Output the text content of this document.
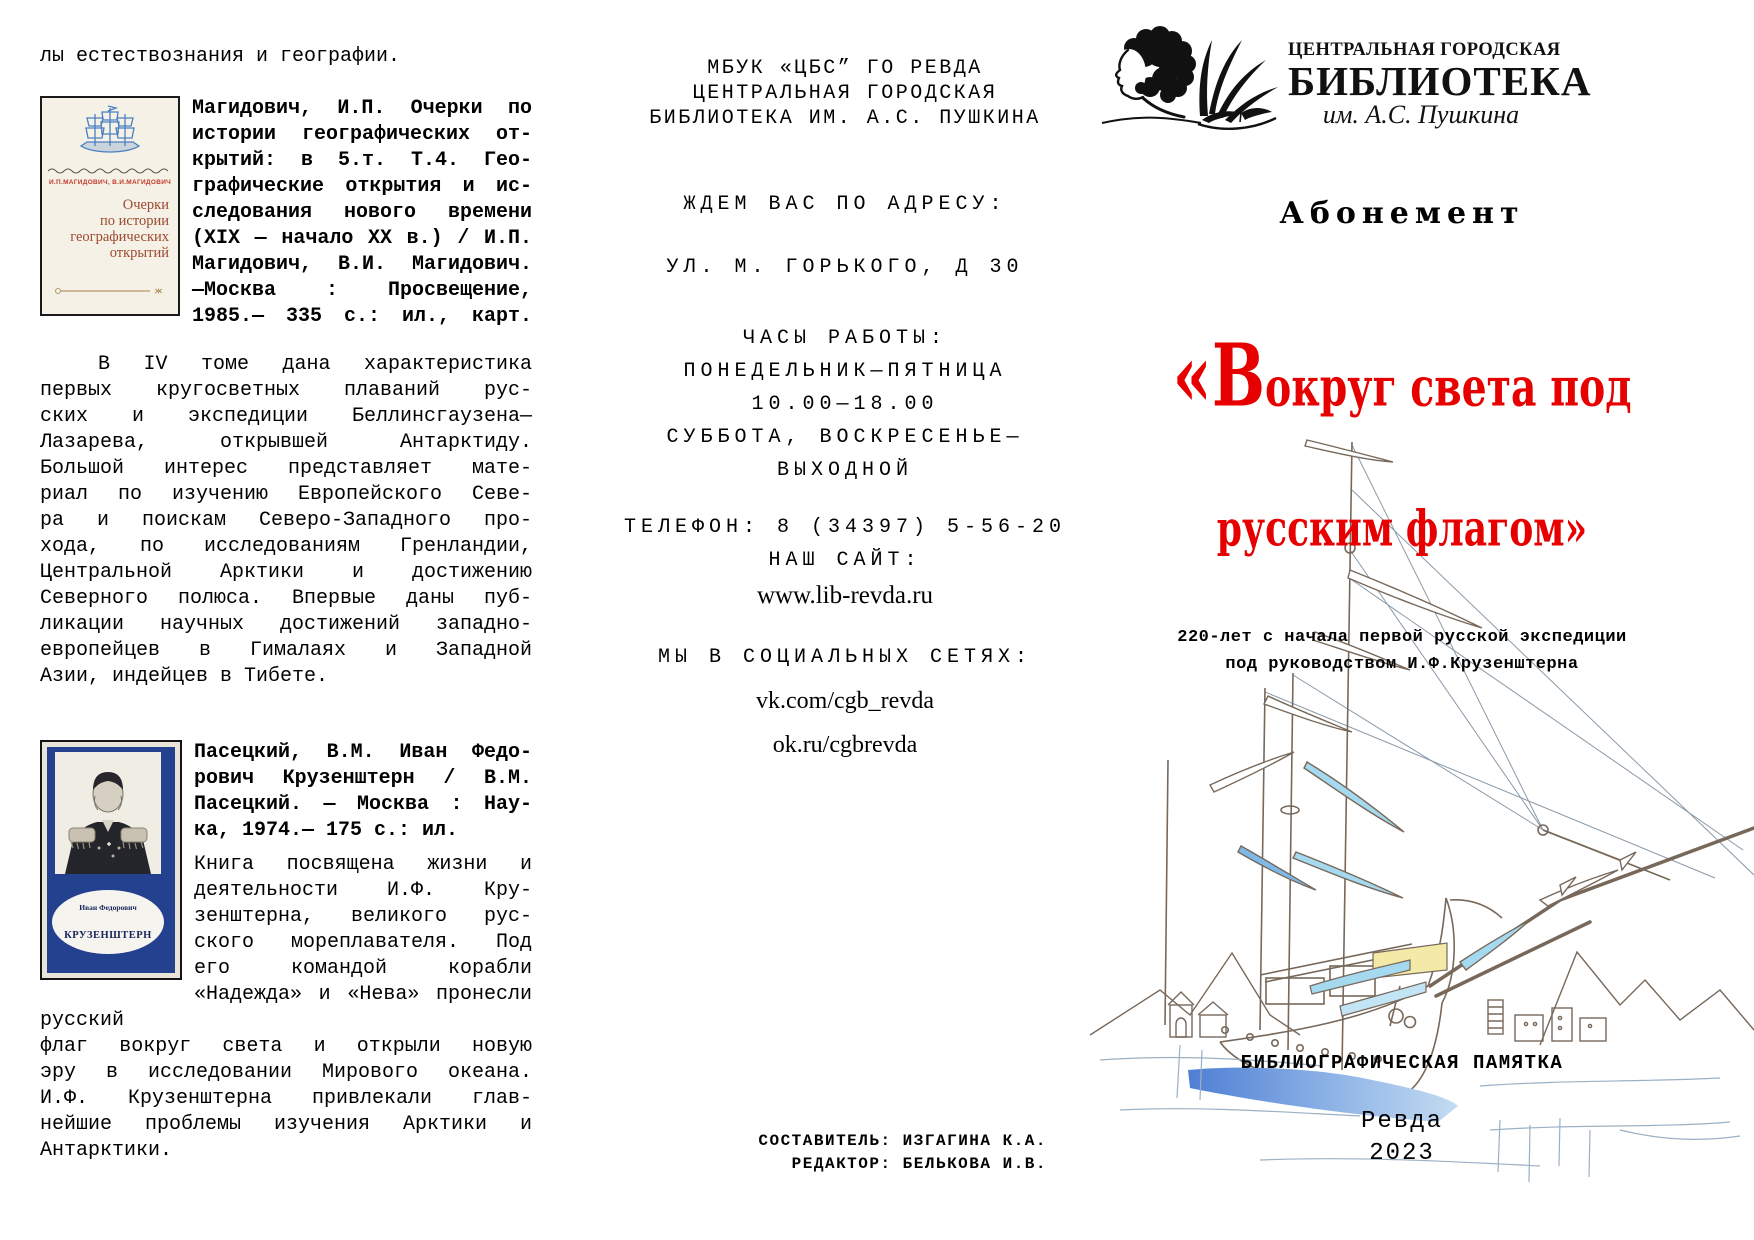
лы естествознания и географии.
И.П.МАГИДОВИЧ, В.И.МАГИДОВИЧ
Очерки
по истории
географических
открытий
Магидович, И.П. Очерки по
истории географических от-
крытий: в 5.т. Т.4. Гео-
графические открытия и ис-
следования нового времени
(XIX — начало XX в.) / И.П.
Магидович, В.И. Магидович.
—Москва : Просвещение,
1985.— 335 с.: ил., карт.
В IV томе дана характеристика
первых кругосветных плаваний рус-
ских и экспедиции Беллинсгаузена—
Лазарева, открывшей Антарктиду.
Большой интерес представляет мате-
риал по изучению Европейского Севе-
ра и поискам Северо-Западного про-
хода, по исследованиям Гренландии,
Центральной Арктики и достижению
Северного полюса. Впервые даны пуб-
ликации научных достижений западно-
европейцев в Гималаях и Западной
Азии, индейцев в Тибете.
Иван Федорович
КРУЗЕНШТЕРН
Пасецкий, В.М. Иван Федо-
рович Крузенштерн / В.М.
Пасецкий. — Москва : Нау-
ка, 1974.— 175 с.: ил.
Книга посвящена жизни и
деятельности И.Ф. Кру-
зенштерна, великого рус-
ского мореплавателя. Под
его командой корабли
«Надежда» и «Нева» пронесли русский
флаг вокруг света и открыли новую
эру в исследовании Мирового океана.
И.Ф. Крузенштерна привлекали глав-
нейшие проблемы изучения Арктики и
Антарктики.
МБУК «ЦБС” ГО РЕВДА
ЦЕНТРАЛЬНАЯ ГОРОДСКАЯ
БИБЛИОТЕКА ИМ. А.С. ПУШКИНА
ЖДЕМ ВАС ПО АДРЕСУ:
УЛ. М. ГОРЬКОГО, Д 30
ЧАСЫ РАБОТЫ:
ПОНЕДЕЛЬНИК—ПЯТНИЦА
10.00—18.00
СУББОТА, ВОСКРЕСЕНЬЕ—
ВЫХОДНОЙ
ТЕЛЕФОН: 8 (34397) 5-56-20
НАШ САЙТ:
www.lib-revda.ru
МЫ В СОЦИАЛЬНЫХ СЕТЯХ:
vk.com/cgb_revda
ok.ru/cgbrevda
СОСТАВИТЕЛЬ: ИЗГАГИНА К.А.
РЕДАКТОР: БЕЛЬКОВА И.В.
ЦЕНТРАЛЬНАЯ ГОРОДСКАЯ
БИБЛИОТЕКА
им. А.С. Пушкина
Абонемент
«Вокруг света под
русским флагом»
220-лет с начала первой русской экспедиции
под руководством И.Ф.Крузенштерна
БИБЛИОГРАФИЧЕСКАЯ ПАМЯТКА
Ревда
2023
